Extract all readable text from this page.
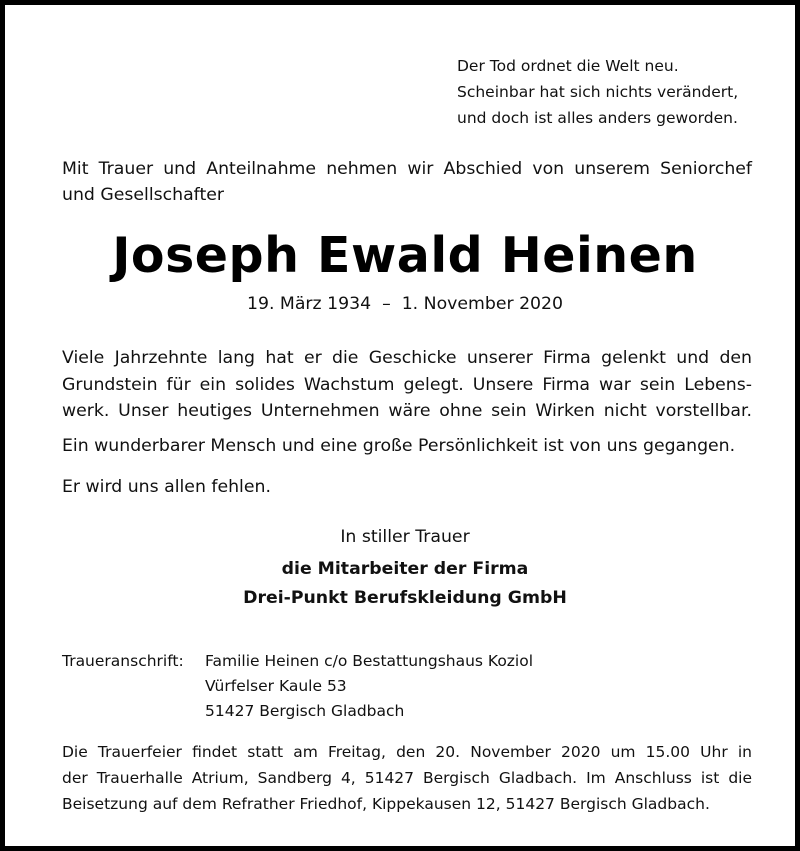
Der Tod ordnet die Welt neu.
Scheinbar hat sich nichts verändert,
und doch ist alles anders geworden.
Mit Trauer und Anteilnahme nehmen wir Abschied von unserem Seniorchef
und Gesellschafter
Joseph Ewald Heinen
19. März 1934  –  1. November 2020
Viele Jahrzehnte lang hat er die Geschicke unserer Firma gelenkt und den
Grundstein für ein solides Wachstum gelegt. Unsere Firma war sein Lebens-
werk. Unser heutiges Unternehmen wäre ohne sein Wirken nicht vorstellbar.
Ein wunderbarer Mensch und eine große Persönlichkeit ist von uns gegangen.
Er wird uns allen fehlen.
In stiller Trauer
die Mitarbeiter der Firma
Drei-Punkt Berufskleidung GmbH
Traueranschrift: Familie Heinen c/o Bestattungshaus Koziol
Vürfelser Kaule 53
51427 Bergisch Gladbach
Die Trauerfeier findet statt am Freitag, den 20. November 2020 um 15.00 Uhr in
der Trauerhalle Atrium, Sandberg 4, 51427 Bergisch Gladbach. Im Anschluss ist die
Beisetzung auf dem Refrather Friedhof, Kippekausen 12, 51427 Bergisch Gladbach.
